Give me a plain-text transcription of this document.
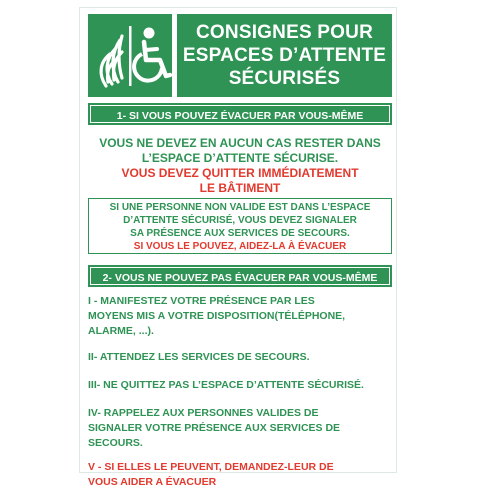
CONSIGNES POUR
ESPACES D’ATTENTE
SÉCURISÉS
1- SI VOUS POUVEZ ÉVACUER PAR VOUS-MÊME
VOUS NE DEVEZ EN AUCUN CAS RESTER DANS
L’ESPACE D’ATTENTE SÉCURISE.
VOUS DEVEZ QUITTER IMMÉDIATEMENT
LE BÂTIMENT
SI UNE PERSONNE NON VALIDE EST DANS L’ESPACE
D’ATTENTE SÉCURISÉ, VOUS DEVEZ SIGNALER
SA PRÉSENCE AUX SERVICES DE SECOURS.
SI VOUS LE POUVEZ, AIDEZ-LA À ÉVACUER
2- VOUS NE POUVEZ PAS ÉVACUER PAR VOUS-MÊME

I - MANIFESTEZ VOTRE PRÉSENCE PAR LES
MOYENS MIS A VOTRE DISPOSITION(TÉLÉPHONE,
ALARME, ...).

II- ATTENDEZ LES SERVICES DE SECOURS.

III- NE QUITTEZ PAS L’ESPACE D’ATTENTE SÉCURISÉ.

IV- RAPPELEZ AUX PERSONNES VALIDES DE
SIGNALER VOTRE PRÉSENCE AUX SERVICES DE
SECOURS.

V - SI ELLES LE PEUVENT, DEMANDEZ-LEUR DE
VOUS AIDER A ÉVACUER
